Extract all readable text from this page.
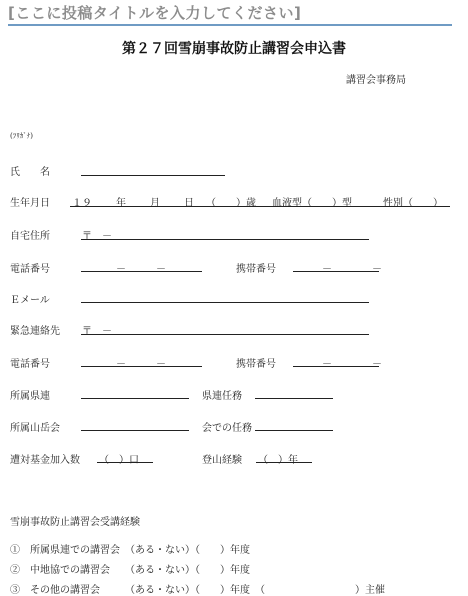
[ここに投稿タイトルを入力してください]
第２７回雪崩事故防止講習会申込書
講習会事務局
(ﾌﾘｶﾞﾅ)
氏　　名
生年月日 １９ 年 月 日 （　　）歳 血液型（　　）型	性別（　　）
自宅住所	〒　－
電話番号	－　　　－	携帯番号	－　　　　－
Ｅメール
緊急連絡先 〒　－
電話番号	－　　　－	携帯番号	－　　　　－
所属県連	県連任務
所属山岳会	会での任務
遭対基金加入数 （　）口	登山経験 （　）年
雪崩事故防止講習会受講経験
①　所属県連での講習会　（ある・ない）（　　）年度
②　中地協での講習会　　（ある・ない）（　　）年度
③　その他の講習会　　　（ある・ない）（　　）年度　（　　　　　　　　　）主催
